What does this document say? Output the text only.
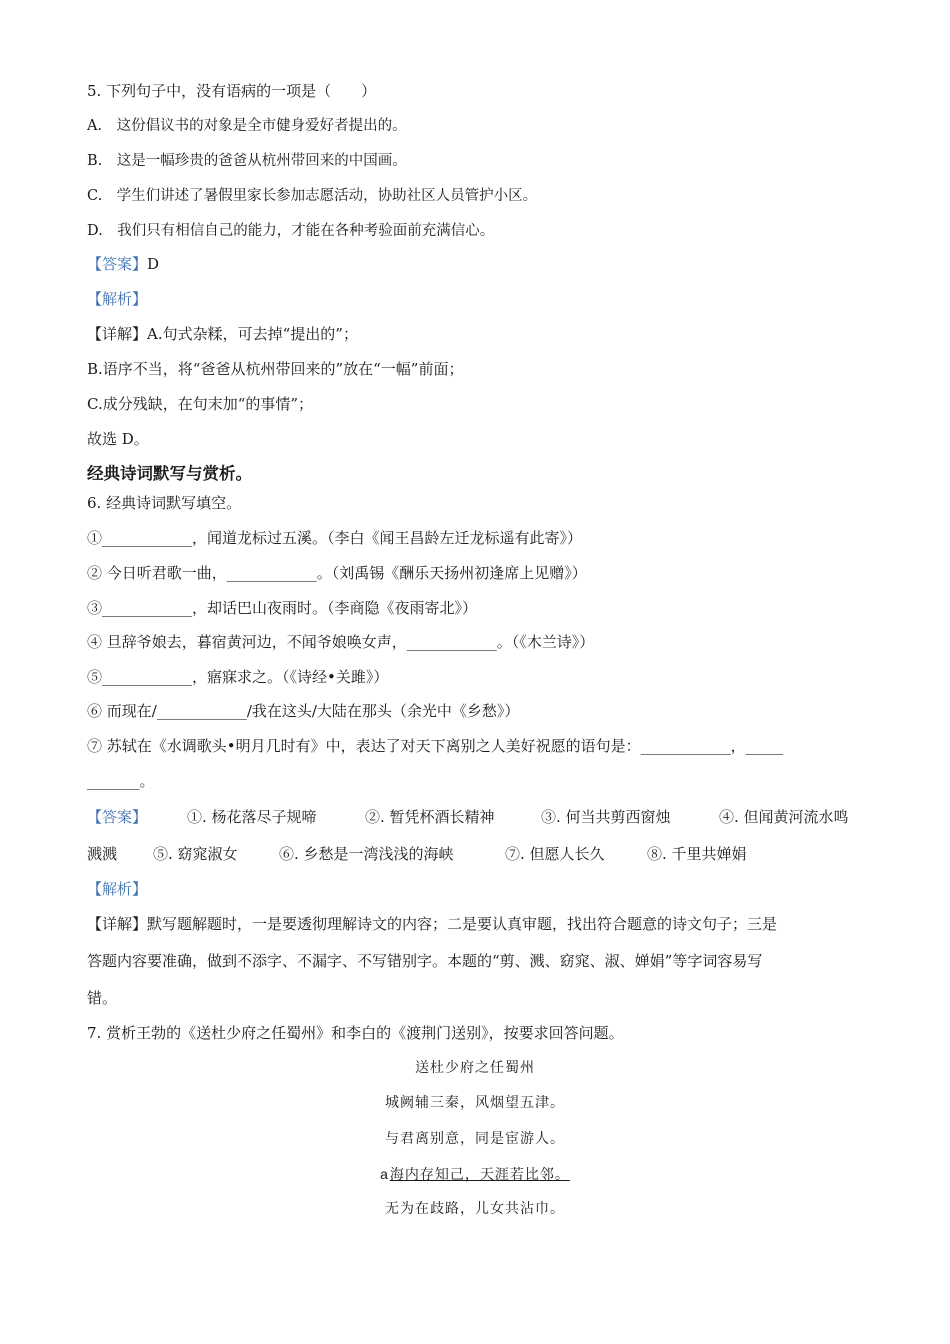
5. 下列句子中，没有语病的一项是（　　）
A.　这份倡议书的对象是全市健身爱好者提出的。
B.　这是一幅珍贵的爸爸从杭州带回来的中国画。
C.　学生们讲述了暑假里家长参加志愿活动，协助社区人员管护小区。
D.　我们只有相信自己的能力，才能在各种考验面前充满信心。
【答案】D
【解析】
【详解】A.句式杂糅，可去掉“提出的”；
B.语序不当，将“爸爸从杭州带回来的”放在“一幅”前面；
C.成分残缺，在句末加“的事情”；
故选 D。
经典诗词默写与赏析。
6. 经典诗词默写填空。
①____________，闻道龙标过五溪。（李白《闻王昌龄左迁龙标遥有此寄》）
② 今日听君歌一曲，____________。（刘禹锡《酬乐天扬州初逢席上见赠》）
③____________，却话巴山夜雨时。（李商隐《夜雨寄北》）
④ 旦辞爷娘去，暮宿黄河边，不闻爷娘唤女声，____________。（《木兰诗》）
⑤____________，寤寐求之。（《诗经•关雎》）
⑥ 而现在/____________/我在这头/大陆在那头（余光中《乡愁》）
⑦ 苏轼在《水调歌头•明月几时有》中，表达了对天下离别之人美好祝愿的语句是：____________，_____
_______。
【答案】	①. 杨花落尽子规啼	②. 暂凭杯酒长精神	③. 何当共剪西窗烛	④. 但闻黄河流水鸣
溅溅 ⑤. 窈窕淑女	⑥. 乡愁是一湾浅浅的海峡	⑦. 但愿人长久	⑧. 千里共婵娟
【解析】
【详解】默写题解题时，一是要透彻理解诗文的内容；二是要认真审题，找出符合题意的诗文句子；三是
答题内容要准确，做到不添字、不漏字、不写错别字。本题的“剪、溅、窈窕、淑、婵娟”等字词容易写
错。
7. 赏析王勃的《送杜少府之任蜀州》和李白的《渡荆门送别》，按要求回答问题。
送杜少府之任蜀州
城阙辅三秦，风烟望五津。
与君离别意，同是宦游人。
a 海内存知己，天涯若比邻。
无为在歧路，儿女共沾巾。
